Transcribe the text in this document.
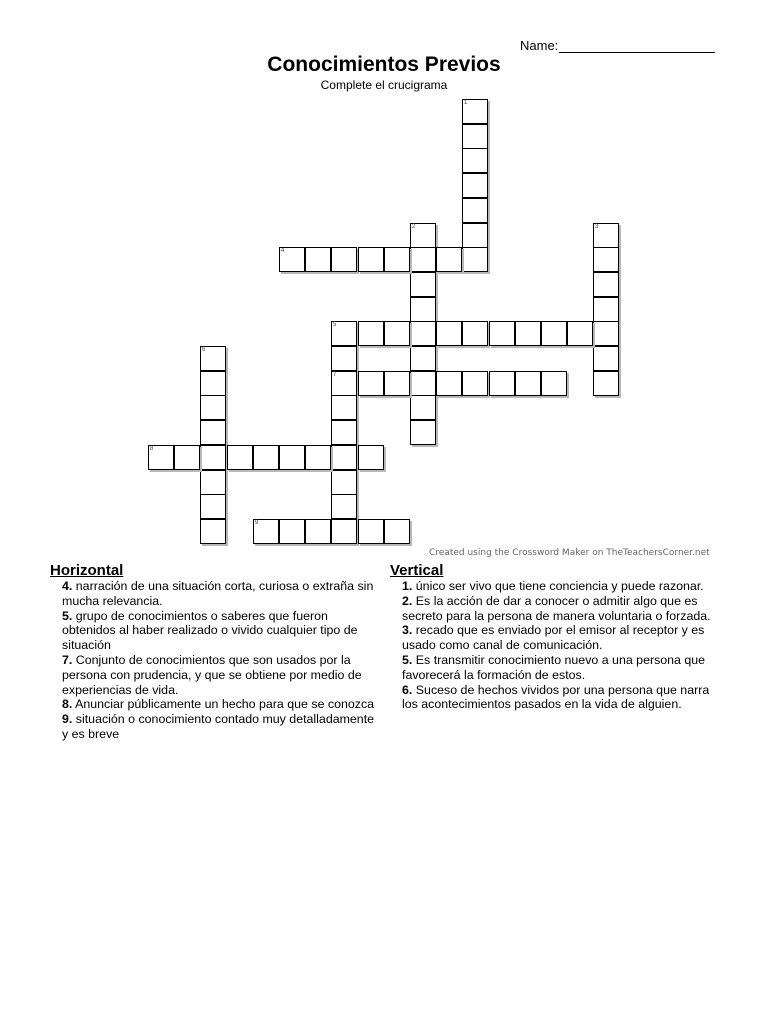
Name:
Conocimientos Previos
Complete el crucigrama
1
2	3
4
5
7
6
8
9
Created using the Crossword Maker on TheTeachersCorner.net
Horizontal

4. narración de una situación corta, curiosa o extraña sin mucha relevancia.

5. grupo de conocimientos o saberes que fueron obtenidos al haber realizado o vivido cualquier tipo de situación

7. Conjunto de conocimientos que son usados por la persona con prudencia, y que se obtiene por medio de experiencias de vida.

8. Anunciar públicamente un hecho para que se conozca

9. situación o conocimiento contado muy detalladamente y es breve

Vertical

1. único ser vivo que tiene conciencia y puede razonar.

2. Es la acción de dar a conocer o admitir algo que es secreto para la persona de manera voluntaria o forzada.

3. recado que es enviado por el emisor al receptor y es usado como canal de comunicación.

5. Es transmitir conocimiento nuevo a una persona que favorecerá la formación de estos.

6. Suceso de hechos vividos por una persona que narra los acontecimientos pasados en la vida de alguien.
